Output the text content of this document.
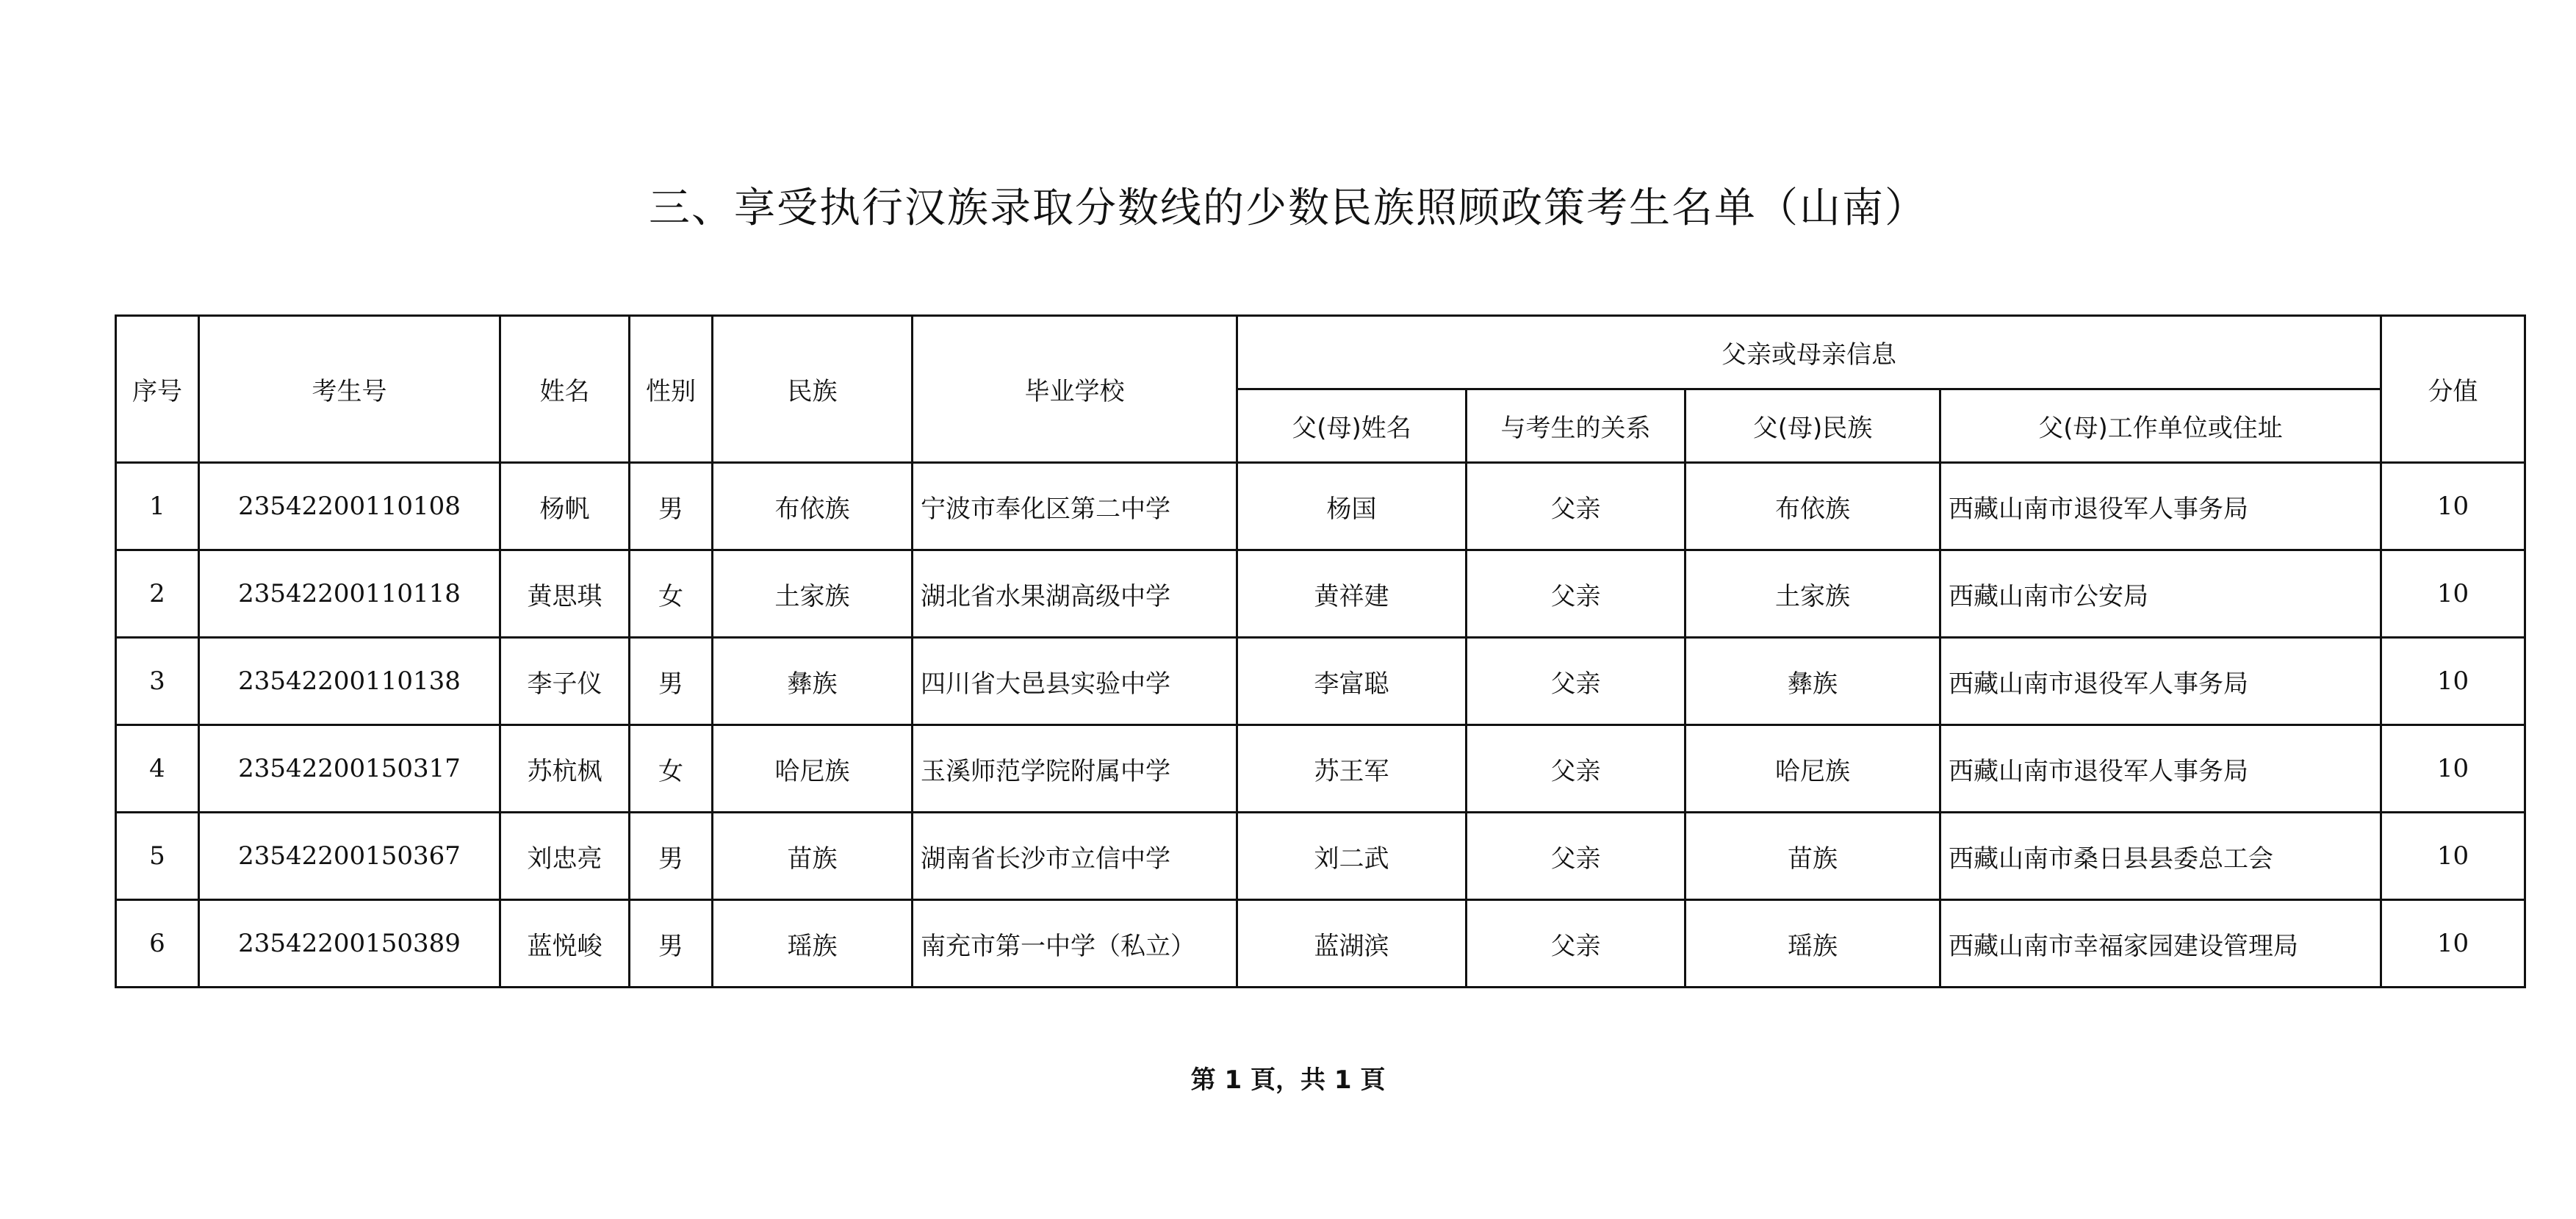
三、享受执行汉族录取分数线的少数民族照顾政策考生名单（山南）
序号	考生号	姓名	性别	民族	毕业学校	父亲或母亲信息				分值
						父(母)姓名	与考生的关系	父(母)民族	父(母)工作单位或住址	
1	23542200110108	杨帆	男	布依族	宁波市奉化区第二中学	杨国	父亲	布依族	西藏山南市退役军人事务局	10
2	23542200110118	黄思琪	女	土家族	湖北省水果湖高级中学	黄祥建	父亲	土家族	西藏山南市公安局	10
3	23542200110138	李子仪	男	彝族	四川省大邑县实验中学	李富聪	父亲	彝族	西藏山南市退役军人事务局	10
4	23542200150317	苏杭枫	女	哈尼族	玉溪师范学院附属中学	苏王军	父亲	哈尼族	西藏山南市退役军人事务局	10
5	23542200150367	刘忠亮	男	苗族	湖南省长沙市立信中学	刘二武	父亲	苗族	西藏山南市桑日县县委总工会	10
6	23542200150389	蓝悦峻	男	瑶族	南充市第一中学（私立）	蓝湖滨	父亲	瑶族	西藏山南市幸福家园建设管理局	10
第 1 頁，共 1 頁
